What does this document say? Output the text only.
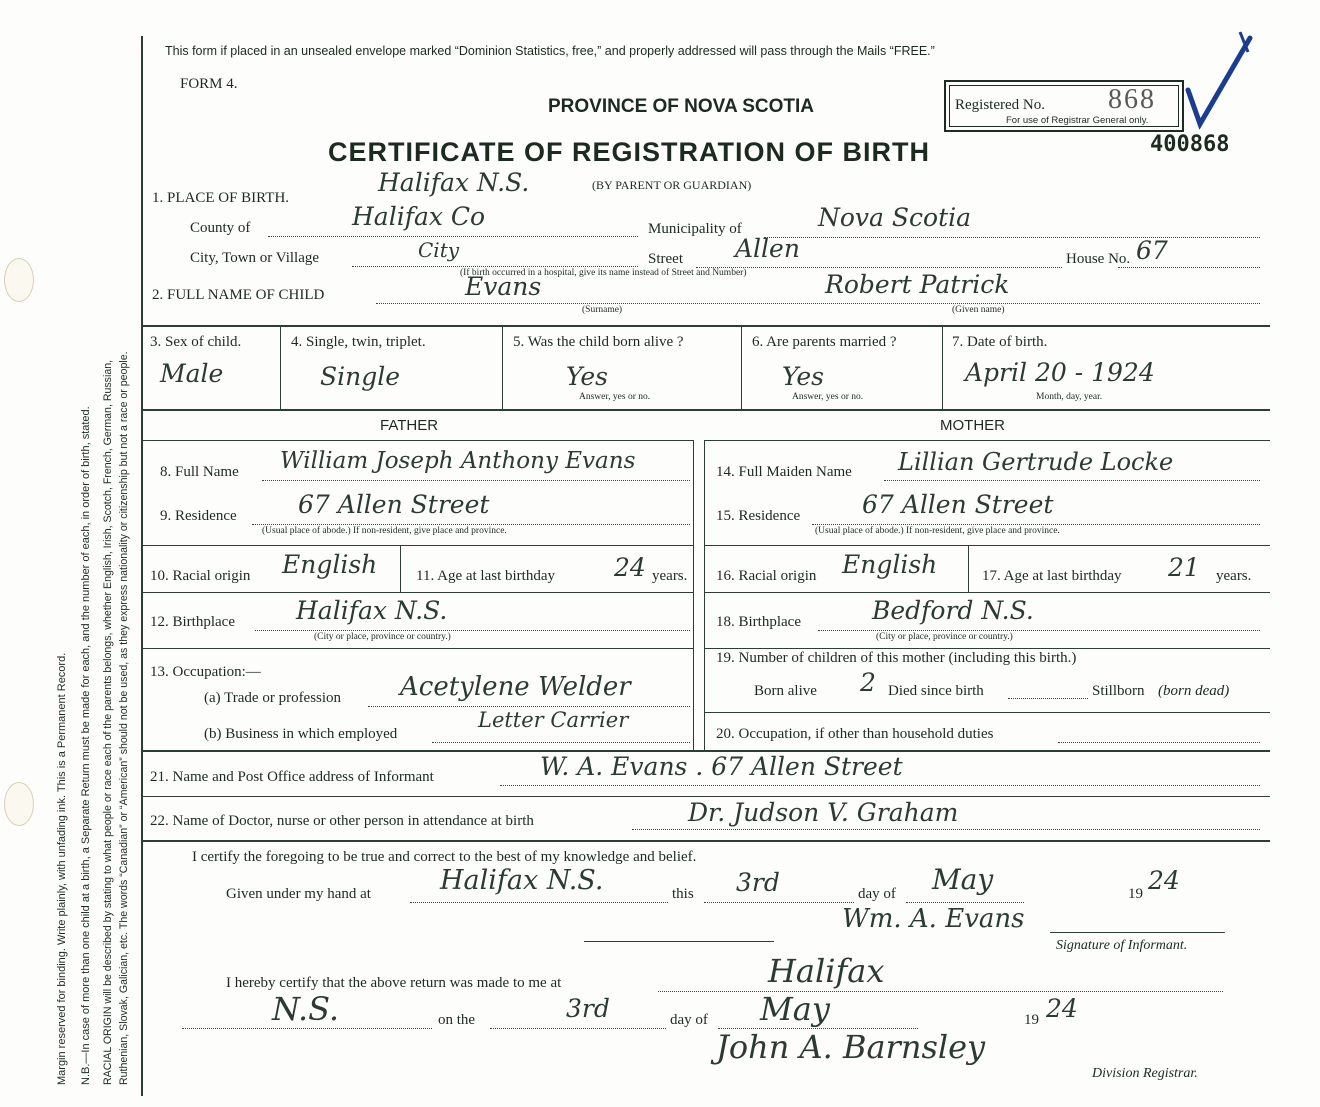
Margin reserved for binding. Write plainly, with unfading ink. This is a Permanent Record. N.B.—In case of more than one child at a birth, a Separate Return must be made for each, and the number of each, in order of birth, stated. RACIAL ORIGIN will be described by stating to what people or race each of the parents belongs, whether English, Irish, Scotch, French, German, Russian, Ruthenian, Slovak, Galician, etc. The words “Canadian” or “American” should not be used, as they express nationality or citizenship but not a race or people.
This form if placed in an unsealed envelope marked “Dominion Statistics, free,” and properly addressed will pass through the Mails “FREE.”
FORM 4.
PROVINCE OF NOVA SCOTIA
CERTIFICATE OF REGISTRATION OF BIRTH
(BY PARENT OR GUARDIAN)
Registered No. 868
For use of Registrar General only.
400868
1. PLACE OF BIRTH.
Halifax N.S.
County of	Halifax Co	Municipality of	Nova Scotia
City, Town or Village	City	Street Allen	House No. 67
(If birth occurred in a hospital, give its name instead of Street and Number)
2. FULL NAME OF CHILD	Evans
(Surname)
Robert Patrick
(Given name)
3. Sex of child.
Male
4. Single, twin, triplet.
Single
5. Was the child born alive ?
Yes
Answer, yes or no.
6. Are parents married ?
Yes
Answer, yes or no.
7. Date of birth.
April 20 - 1924
Month, day, year.
FATHER	MOTHER
8. Full Name William Joseph Anthony Evans
9. Residence 67 Allen Street
(Usual place of abode.) If non-resident, give place and province.
10. Racial origin English	11. Age at last birthday 24 years.
12. Birthplace Halifax N.S.
(City or place, province or country.)
13. Occupation:—
(a) Trade or profession Acetylene Welder
(b) Business in which employed
Letter Carrier
14. Full Maiden Name Lillian Gertrude Locke
15. Residence 67 Allen Street
(Usual place of abode.) If non-resident, give place and province.
16. Racial origin English	17. Age at last birthday 21 years.
18. Birthplace	Bedford N.S.
(City or place, province or country.)
19. Number of children of this mother (including this birth.)
Born alive 2 Died since birth	Stillborn (born dead)
20. Occupation, if other than household duties
21. Name and Post Office address of Informant	W. A. Evans . 67 Allen Street
22. Name of Doctor, nurse or other person in attendance at birth	Dr. Judson V. Graham
I certify the foregoing to be true and correct to the best of my knowledge and belief.
Given under my hand at	Halifax N.S.	this 3rd	day of May	19 24
Wm. A. Evans
Signature of Informant.
I hereby certify that the above return was made to me at	Halifax
N.S.	on the	3rd	day of May	19 24
John A. Barnsley
Division Registrar.
